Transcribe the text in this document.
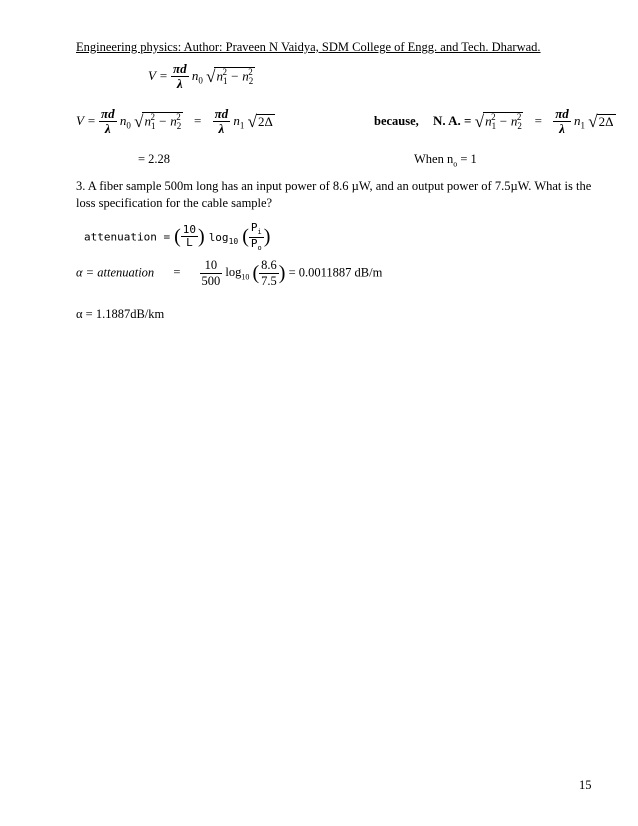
Engineering physics: Author: Praveen N Vaidya, SDM College of Engg. and Tech. Dharwad.
$V = \frac{\pi d}{\lambda} n_0$ $√n_1^2 - n_2^2$
$V = \frac{\pi d}{\lambda} n_0$ $√n_1^2 - n_2^2 = \frac{\pi d}{\lambda} n_1$ √2Δ	because, N. A. = $√n_1^2 - n_2^2 = \frac{\pi d}{\lambda} n_1$ √2Δ
= 2.28	When $n_o = 1$
3. A fiber sample 500m long has an input power of 8.6 µW, and an output power of 7.5µW. What is the loss specification for the cable sample?
attenuation = ( $\frac{10}{L}$ ) $\log_{10}$ ( $\frac{P_i}{P_o}$ )
α = attenuation = $\frac{10}{500} \log_{10}$ ( $\frac{8.6}{7.5}$ ) = 0.0011887 dB/m
α = 1.1887dB/km
15
